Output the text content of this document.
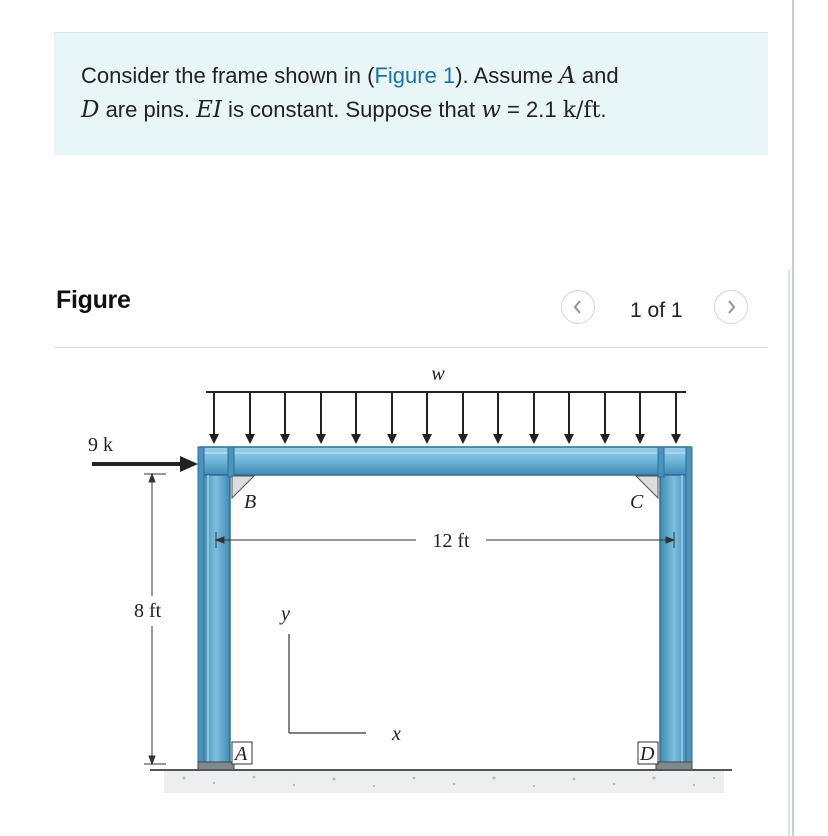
Consider the frame shown in (Figure 1). Assume A and
D are pins. EI is constant. Suppose that w = 2.1 k/ft.
Figure	1 of 1
w
B	C
9 k
8 ft
12 ft
y
x
A	D
